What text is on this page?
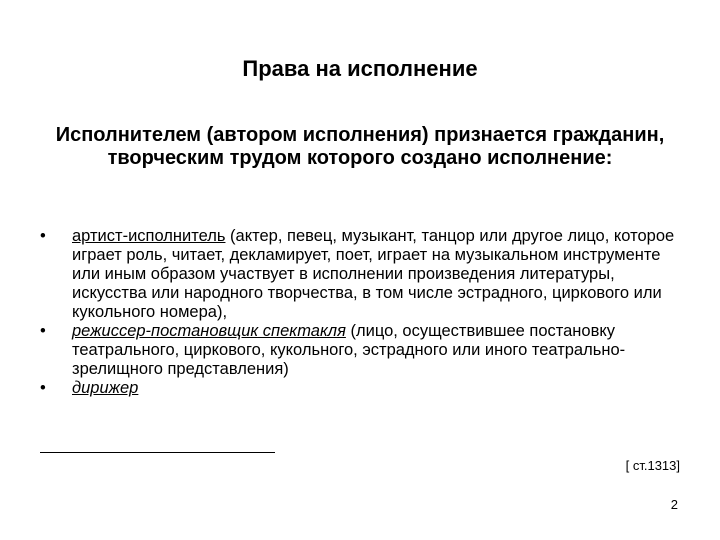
Права на исполнение
Исполнителем (автором исполнения) признается гражданин, творческим трудом которого создано исполнение:
•	артист-исполнитель (актер, певец, музыкант, танцор или другое лицо, которое играет роль, читает, декламирует, поет, играет на музыкальном инструменте или иным образом участвует в исполнении произведения литературы, искусства или народного творчества, в том числе эстрадного, циркового или кукольного номера),
•	режиссер-постановщик спектакля (лицо, осуществившее постановку театрального, циркового, кукольного, эстрадного или иного театрально-зрелищного представления)
•	дирижер
[ ст.1313]
2
